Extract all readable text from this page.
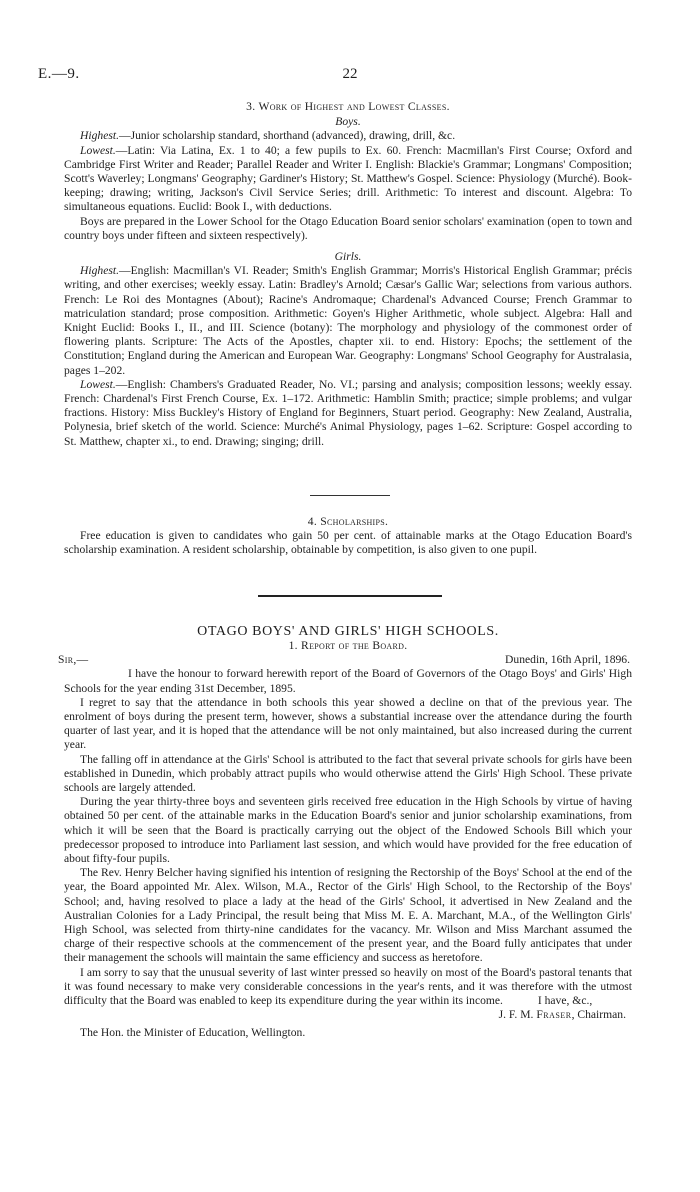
E.—9.	22
3. Work of Highest and Lowest Classes.
Boys.

Highest.—Junior scholarship standard, shorthand (advanced), drawing, drill, &c.

Lowest.—Latin: Via Latina, Ex. 1 to 40; a few pupils to Ex. 60. French: Macmillan's First Course; Oxford and Cambridge First Writer and Reader; Parallel Reader and Writer I. English: Blackie's Grammar; Longmans' Composition; Scott's Waverley; Longmans' Geography; Gardiner's History; St. Matthew's Gospel. Science: Physiology (Murché). Book-keeping; drawing; writing, Jackson's Civil Service Series; drill. Arithmetic: To interest and discount. Algebra: To simultaneous equations. Euclid: Book I., with deductions.

Boys are prepared in the Lower School for the Otago Education Board senior scholars' examination (open to town and country boys under fifteen and sixteen respectively).

Girls.

Highest.—English: Macmillan's VI. Reader; Smith's English Grammar; Morris's Historical English Grammar; précis writing, and other exercises; weekly essay. Latin: Bradley's Arnold; Cæsar's Gallic War; selections from various authors. French: Le Roi des Montagnes (About); Racine's Andromaque; Chardenal's Advanced Course; French Grammar to matriculation standard; prose composition. Arithmetic: Goyen's Higher Arithmetic, whole subject. Algebra: Hall and Knight Euclid: Books I., II., and III. Science (botany): The morphology and physiology of the commonest order of flowering plants. Scripture: The Acts of the Apostles, chapter xii. to end. History: Epochs; the settlement of the Constitution; England during the American and European War. Geography: Longmans' School Geography for Australasia, pages 1–202.

Lowest.—English: Chambers's Graduated Reader, No. VI.; parsing and analysis; composition lessons; weekly essay. French: Chardenal's First French Course, Ex. 1–172. Arithmetic: Hamblin Smith; practice; simple problems; and vulgar fractions. History: Miss Buckley's History of England for Beginners, Stuart period. Geography: New Zealand, Australia, Polynesia, brief sketch of the world. Science: Murché's Animal Physiology, pages 1–62. Scripture: Gospel according to St. Matthew, chapter xi., to end. Drawing; singing; drill.

4. Scholarships.

Free education is given to candidates who gain 50 per cent. of attainable marks at the Otago Education Board's scholarship examination. A resident scholarship, obtainable by competition, is also given to one pupil.

OTAGO BOYS' AND GIRLS' HIGH SCHOOLS.
1. Report of the Board.
Sir,—	Dunedin, 16th April, 1896.

I have the honour to forward herewith report of the Board of Governors of the Otago Boys' and Girls' High Schools for the year ending 31st December, 1895.

I regret to say that the attendance in both schools this year showed a decline on that of the previous year. The enrolment of boys during the present term, however, shows a substantial increase over the attendance during the fourth quarter of last year, and it is hoped that the attendance will be not only maintained, but also increased during the current year.

The falling off in attendance at the Girls' School is attributed to the fact that several private schools for girls have been established in Dunedin, which probably attract pupils who would otherwise attend the Girls' High School. These private schools are largely attended.

During the year thirty-three boys and seventeen girls received free education in the High Schools by virtue of having obtained 50 per cent. of the attainable marks in the Education Board's senior and junior scholarship examinations, from which it will be seen that the Board is practically carrying out the object of the Endowed Schools Bill which your predecessor proposed to introduce into Parliament last session, and which would have provided for the free education of about fifty-four pupils.

The Rev. Henry Belcher having signified his intention of resigning the Rectorship of the Boys' School at the end of the year, the Board appointed Mr. Alex. Wilson, M.A., Rector of the Girls' High School, to the Rectorship of the Boys' School; and, having resolved to place a lady at the head of the Girls' School, it advertised in New Zealand and the Australian Colonies for a Lady Principal, the result being that Miss M. E. A. Marchant, M.A., of the Wellington Girls' High School, was selected from thirty-nine candidates for the vacancy. Mr. Wilson and Miss Marchant assumed the charge of their respective schools at the commencement of the present year, and the Board fully anticipates that under their management the schools will maintain the same efficiency and success as heretofore.

I am sorry to say that the unusual severity of last winter pressed so heavily on most of the Board's pastoral tenants that it was found necessary to make very considerable concessions in the year's rents, and it was therefore with the utmost difficulty that the Board was enabled to keep its expenditure during the year within its income.	I have, &c.,

J. F. M. Fraser, Chairman.
The Hon. the Minister of Education, Wellington.
